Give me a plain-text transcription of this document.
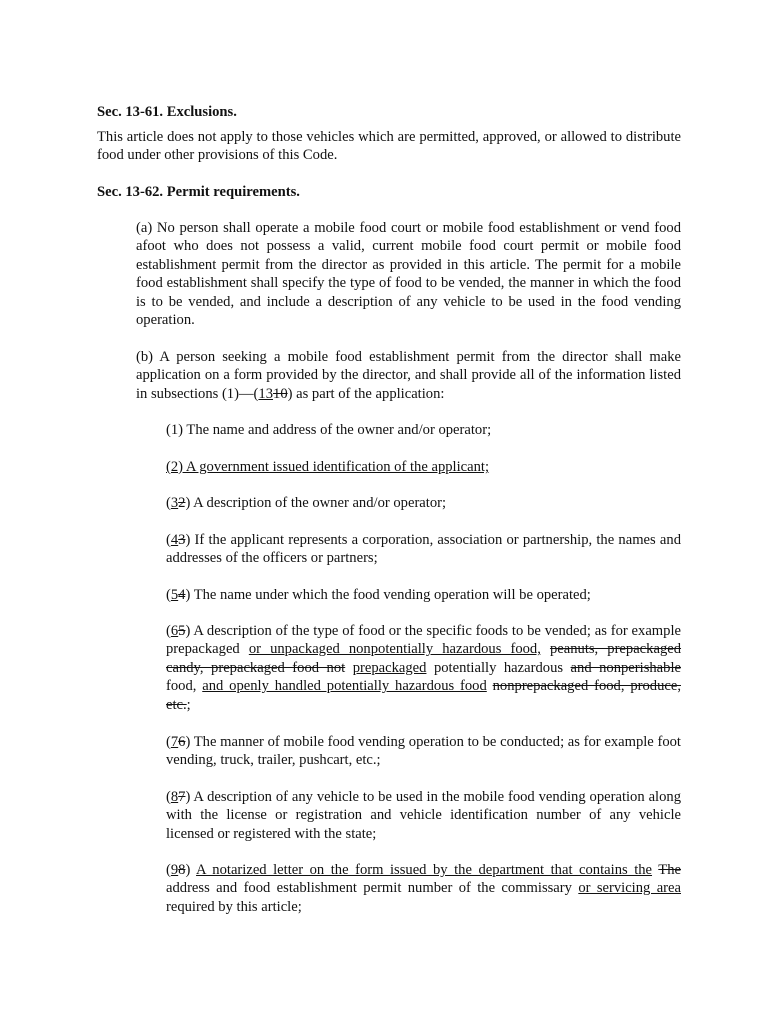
Sec. 13-61. Exclusions.
This article does not apply to those vehicles which are permitted, approved, or allowed to distribute food under other provisions of this Code.
Sec. 13-62. Permit requirements.
(a) No person shall operate a mobile food court or mobile food establishment or vend food afoot who does not possess a valid, current mobile food court permit or mobile food establishment permit from the director as provided in this article. The permit for a mobile food establishment shall specify the type of food to be vended, the manner in which the food is to be vended, and include a description of any vehicle to be used in the food vending operation.
(b) A person seeking a mobile food establishment permit from the director shall make application on a form provided by the director, and shall provide all of the information listed in subsections (1)—(1310) as part of the application:
(1) The name and address of the owner and/or operator;
(2) A government issued identification of the applicant;
(32) A description of the owner and/or operator;
(43) If the applicant represents a corporation, association or partnership, the names and addresses of the officers or partners;
(54) The name under which the food vending operation will be operated;
(65) A description of the type of food or the specific foods to be vended; as for example prepackaged or unpackaged nonpotentially hazardous food, peanuts, prepackaged candy, prepackaged food not prepackaged potentially hazardous and nonperishable food, and openly handled potentially hazardous food nonprepackaged food, produce, etc.;
(76) The manner of mobile food vending operation to be conducted; as for example foot vending, truck, trailer, pushcart, etc.;
(87) A description of any vehicle to be used in the mobile food vending operation along with the license or registration and vehicle identification number of any vehicle licensed or registered with the state;
(98) A notarized letter on the form issued by the department that contains the The address and food establishment permit number of the commissary or servicing area required by this article;
